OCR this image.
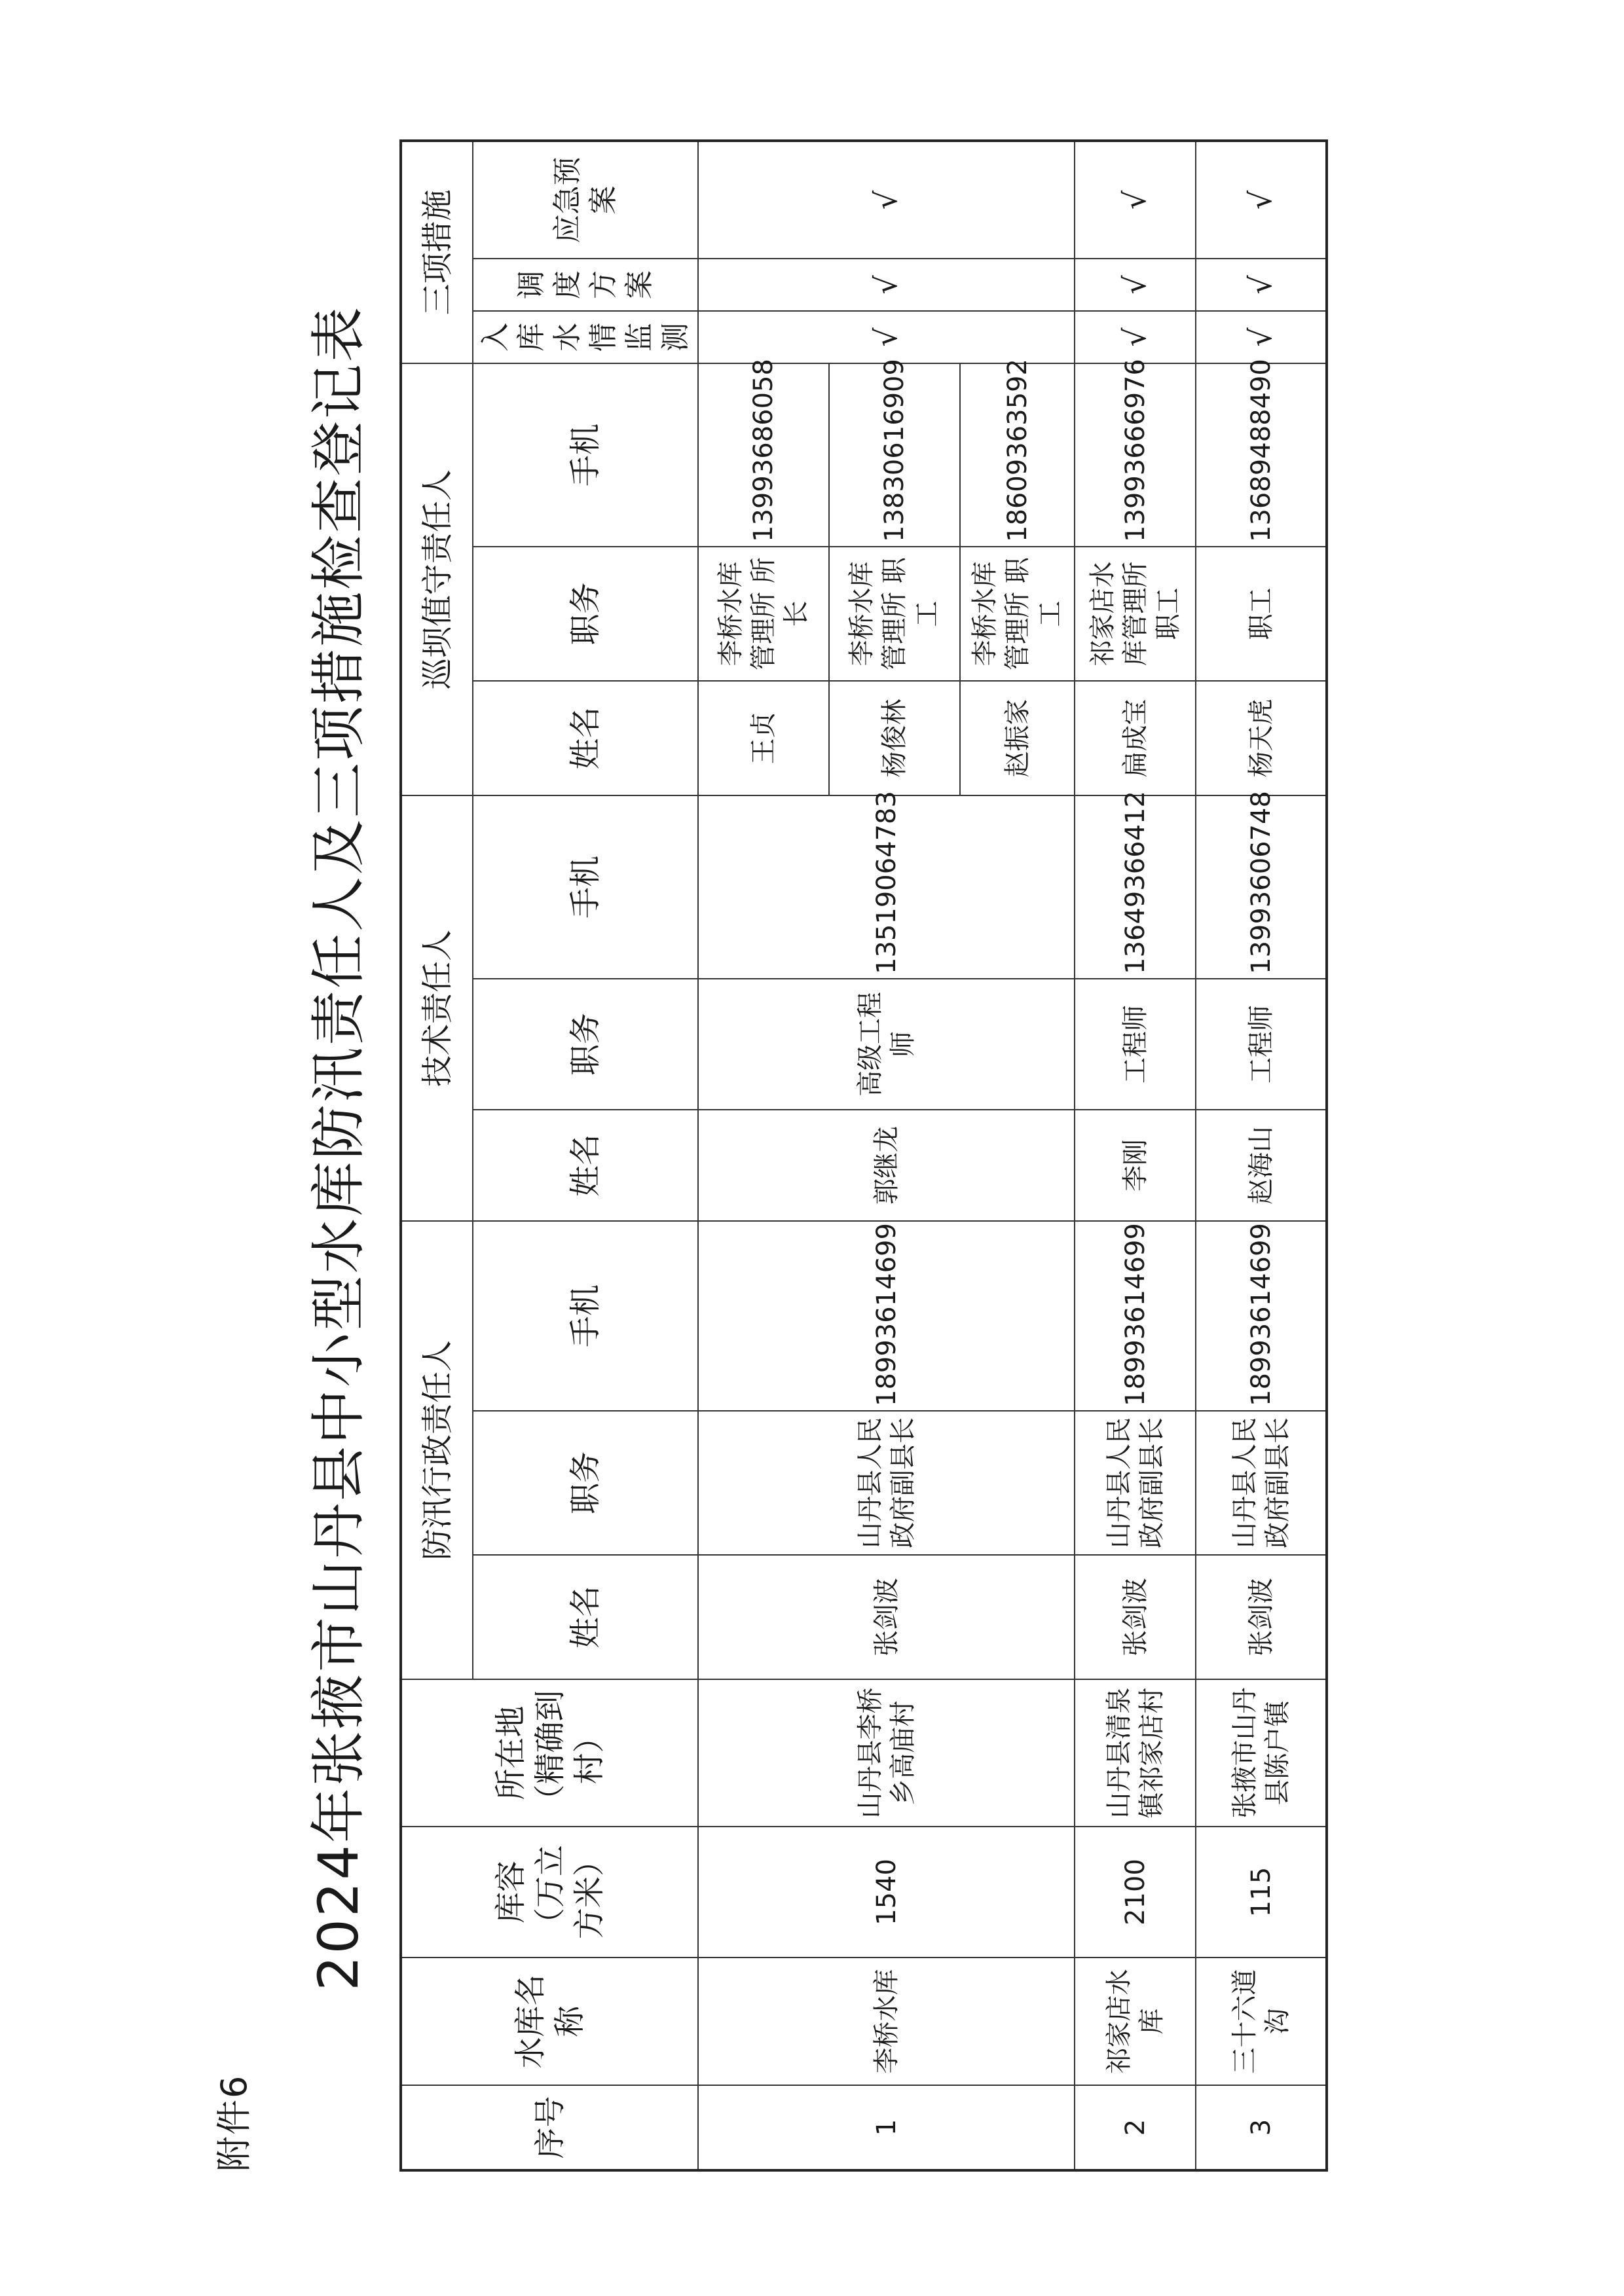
附件6
2024年张掖市山丹县中小型水库防汛责任人及三项措施检查登记表
序号	水库名称	库容（万立方米）	所在地（精确到村）	防汛行政责任人			技术责任人			巡坝值守责任人			三项措施		
				姓名	职务	手机	姓名	职务	手机	姓名	职务	手机	入库水情监测	调度方案	应急预案
1	李桥水库	1540	山丹县李桥乡高庙村	张剑波	山丹县人民政府副县长	18993614699	郭继龙	高级工程师	13519064783	王贞	李桥水库管理所 所长	13993686058	√	√	√
										杨俊林	李桥水库管理所 职工	13830616909			
										赵振家	李桥水库管理所 职工	18609363592			
2	祁家店水库	2100	山丹县清泉镇祁家店村	张剑波	山丹县人民政府副县长	18993614699	李刚	工程师	13649366412	扁成宝	祁家店水库管理所职工	13993666976	√	√	√
3	三十六道沟	115	张掖市山丹县陈户镇	张剑波	山丹县人民政府副县长	18993614699	赵海山	工程师	13993606748	杨天虎	职工	13689488490	√	√	√
